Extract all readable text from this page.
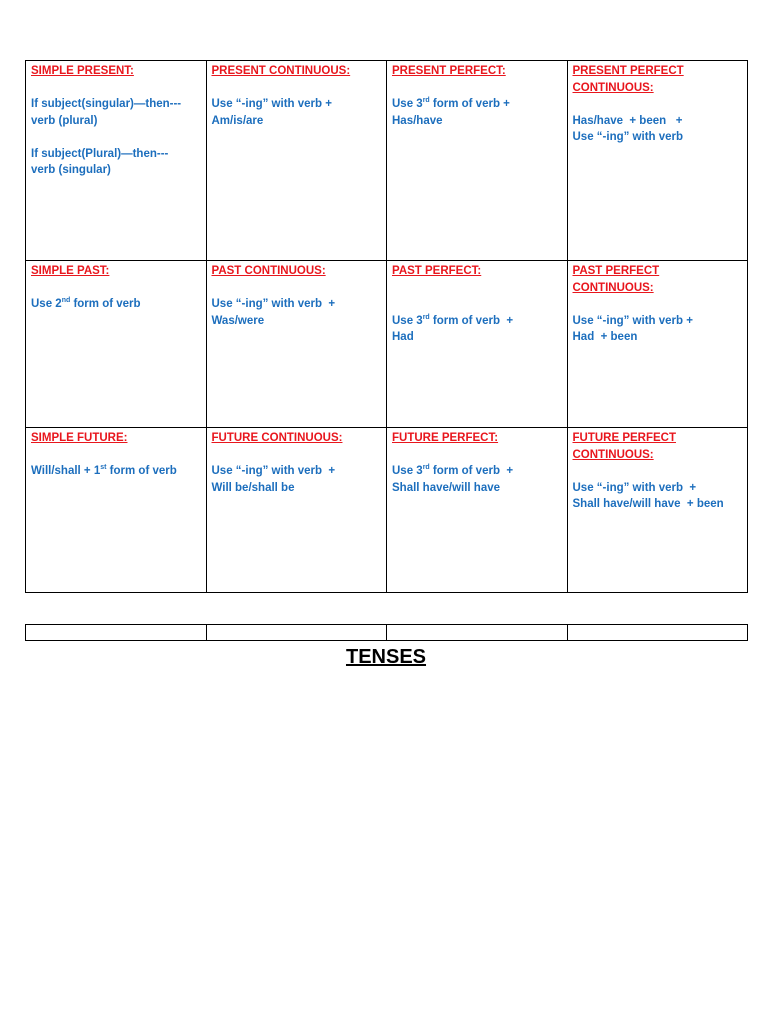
SIMPLE PRESENT:
If subject(singular)—then---
verb (plural)
If subject(Plural)—then---
verb (singular)	PRESENT CONTINUOUS:
Use “-ing” with verb +
Am/is/are	PRESENT PERFECT:
Use 3rd form of verb +
Has/have	PRESENT PERFECT
CONTINUOUS:
Has/have  + been   +
Use “-ing” with verb

SIMPLE PAST:
Use 2nd form of verb	PAST CONTINUOUS:
Use “-ing” with verb  +
Was/were	PAST PERFECT:
Use 3rd form of verb  +
Had	PAST PERFECT CONTINUOUS:
Use “-ing” with verb +
Had  + been

SIMPLE FUTURE:
Will/shall + 1st form of verb	FUTURE CONTINUOUS:
Use “-ing” with verb  +
Will be/shall be	FUTURE PERFECT:
Use 3rd form of verb  +
Shall have/will have	FUTURE PERFECT
CONTINUOUS:
Use “-ing” with verb  +
Shall have/will have  + been

TENSES
